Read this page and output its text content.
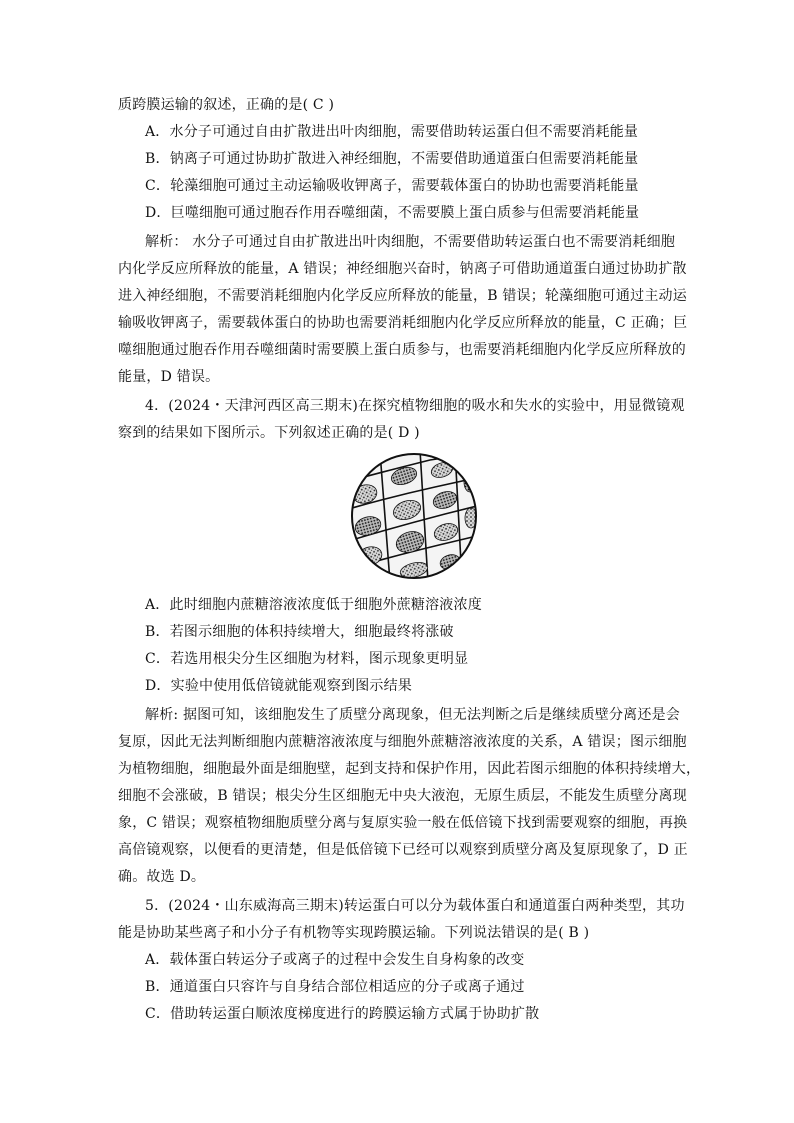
质跨膜运输的叙述，正确的是( C )
A．水分子可通过自由扩散进出叶肉细胞，需要借助转运蛋白但不需要消耗能量
B．钠离子可通过协助扩散进入神经细胞，不需要借助通道蛋白但需要消耗能量
C．轮藻细胞可通过主动运输吸收钾离子，需要载体蛋白的协助也需要消耗能量
D．巨噬细胞可通过胞吞作用吞噬细菌，不需要膜上蛋白质参与但需要消耗能量
解析： 水分子可通过自由扩散进出叶肉细胞，不需要借助转运蛋白也不需要消耗细胞
内化学反应所释放的能量，A 错误；神经细胞兴奋时，钠离子可借助通道蛋白通过协助扩散
进入神经细胞，不需要消耗细胞内化学反应所释放的能量，B 错误；轮藻细胞可通过主动运
输吸收钾离子，需要载体蛋白的协助也需要消耗细胞内化学反应所释放的能量，C 正确；巨
噬细胞通过胞吞作用吞噬细菌时需要膜上蛋白质参与，也需要消耗细胞内化学反应所释放的
能量，D 错误。
4．(2024・天津河西区高三期末)在探究植物细胞的吸水和失水的实验中，用显微镜观
察到的结果如下图所示。下列叙述正确的是( D )
A．此时细胞内蔗糖溶液浓度低于细胞外蔗糖溶液浓度
B．若图示细胞的体积持续增大，细胞最终将涨破
C．若选用根尖分生区细胞为材料，图示现象更明显
D．实验中使用低倍镜就能观察到图示结果
解析: 据图可知，该细胞发生了质壁分离现象，但无法判断之后是继续质壁分离还是会
复原，因此无法判断细胞内蔗糖溶液浓度与细胞外蔗糖溶液浓度的关系，A 错误；图示细胞
为植物细胞，细胞最外面是细胞壁，起到支持和保护作用，因此若图示细胞的体积持续增大，
细胞不会涨破，B 错误；根尖分生区细胞无中央大液泡，无原生质层，不能发生质壁分离现
象，C 错误；观察植物细胞质壁分离与复原实验一般在低倍镜下找到需要观察的细胞，再换
高倍镜观察，以便看的更清楚，但是低倍镜下已经可以观察到质壁分离及复原现象了，D 正
确。故选 D。
5．(2024・山东威海高三期末)转运蛋白可以分为载体蛋白和通道蛋白两种类型，其功
能是协助某些离子和小分子有机物等实现跨膜运输。下列说法错误的是( B )
A．载体蛋白转运分子或离子的过程中会发生自身构象的改变
B．通道蛋白只容许与自身结合部位相适应的分子或离子通过
C．借助转运蛋白顺浓度梯度进行的跨膜运输方式属于协助扩散
